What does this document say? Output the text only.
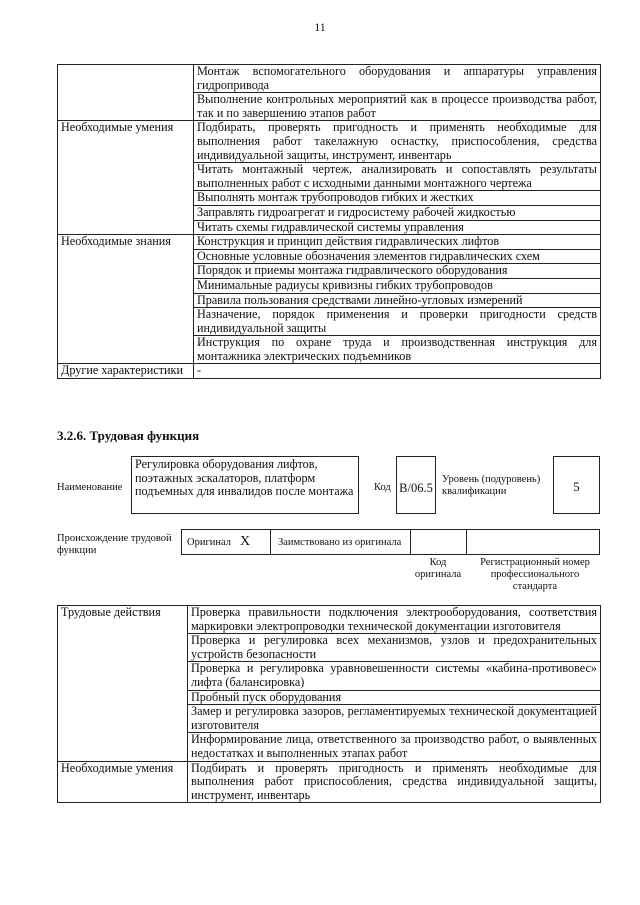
11
	Монтаж вспомогательного оборудования и аппаратуры управления гидропривода
	Выполнение контрольных мероприятий как в процессе производства работ, так и по завершению этапов работ
Необходимые умения	Подбирать, проверять пригодность и применять необходимые для выполнения работ такелажную оснастку, приспособления, средства индивидуальной защиты, инструмент, инвентарь
	Читать монтажный чертеж, анализировать и сопоставлять результаты выполненных работ с исходными данными монтажного чертежа
	Выполнять монтаж трубопроводов гибких и жестких
	Заправлять гидроагрегат и гидросистему рабочей жидкостью
	Читать схемы гидравлической системы управления
Необходимые знания	Конструкция и принцип действия гидравлических лифтов
	Основные условные обозначения элементов гидравлических схем
	Порядок и приемы монтажа гидравлического оборудования
	Минимальные радиусы кривизны гибких трубопроводов
	Правила пользования средствами линейно-угловых измерений
	Назначение, порядок применения и проверки пригодности средств индивидуальной защиты
	Инструкция по охране труда и производственная инструкция для монтажника электрических подъемников
Другие характеристики	-
3.2.6. Трудовая функция
Наименование
Регулировка оборудования лифтов, поэтажных эскалаторов, платформ подъемных для инвалидов после монтажа	Код В/06.5
Уровень (подуровень) квалификации	5
Происхождение трудовой функции
Оригинал X	Заимствовано из оригинала
Код оригинала
Регистрационный номер профессионального стандарта
Трудовые действия	Проверка правильности подключения электрооборудования, соответствия маркировки электропроводки технической документации изготовителя
	Проверка и регулировка всех механизмов, узлов и предохранительных устройств безопасности
	Проверка и регулировка уравновешенности системы «кабина-противовес» лифта (балансировка)
	Пробный пуск оборудования
	Замер и регулировка зазоров, регламентируемых технической документацией изготовителя
	Информирование лица, ответственного за производство работ, о выявленных недостатках и выполненных этапах работ
Необходимые умения	Подбирать и проверять пригодность и применять необходимые для выполнения работ приспособления, средства индивидуальной защиты, инструмент, инвентарь
